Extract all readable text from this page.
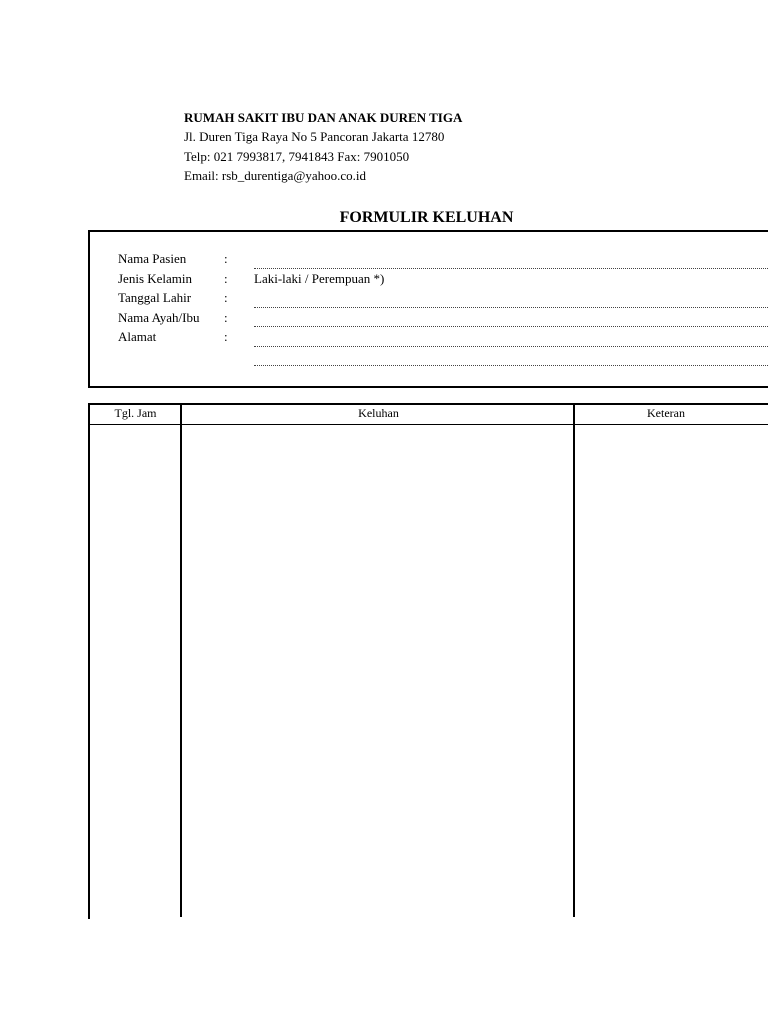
RUMAH SAKIT IBU DAN ANAK DUREN TIGA
Jl. Duren Tiga Raya No 5 Pancoran Jakarta 12780
Telp: 021 7993817, 7941843 Fax: 7901050
Email: rsb_durentiga@yahoo.co.id
FORMULIR KELUHAN
Nama Pasien	:
Jenis Kelamin : Laki-laki / Perempuan *)
Tanggal Lahir	:
Nama Ayah/Ibu :
Alamat	:
Tgl. Jam	Keluhan	Keteran
